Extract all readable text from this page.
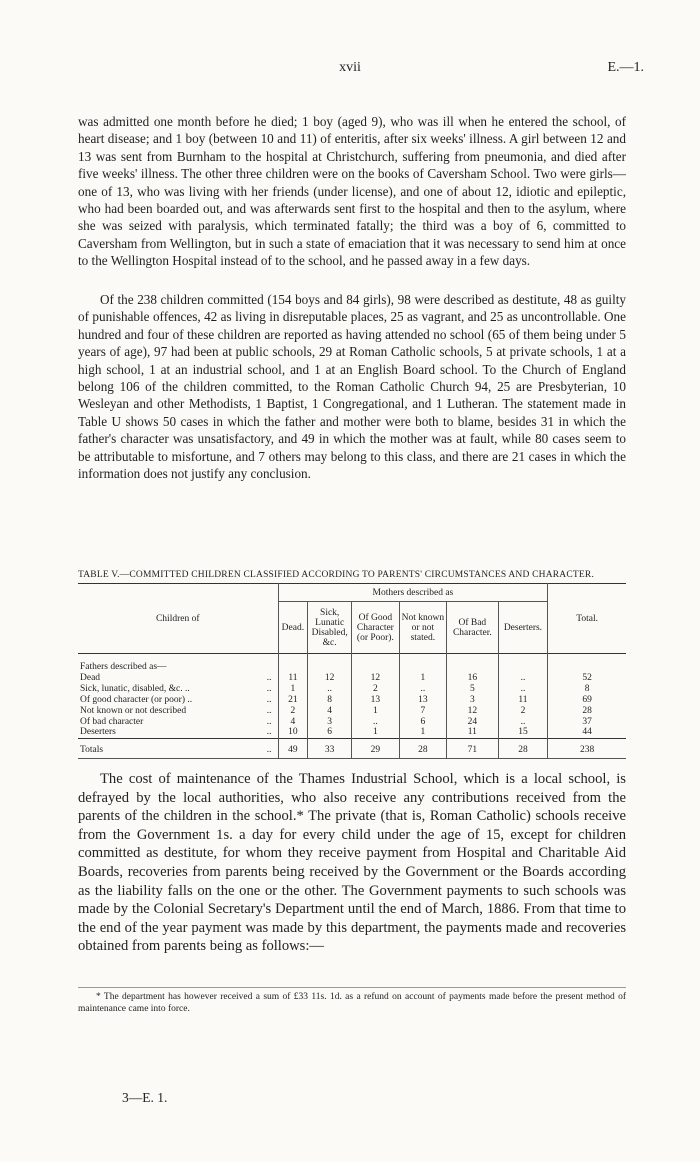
xvii	E.—1.

was admitted one month before he died; 1 boy (aged 9), who was ill when he entered the school, of heart disease; and 1 boy (between 10 and 11) of enteritis, after six weeks' illness. A girl between 12 and 13 was sent from Burnham to the hospital at Christchurch, suffering from pneumonia, and died after five weeks' illness. The other three children were on the books of Caversham School. Two were girls—one of 13, who was living with her friends (under license), and one of about 12, idiotic and epileptic, who had been boarded out, and was afterwards sent first to the hospital and then to the asylum, where she was seized with paralysis, which terminated fatally; the third was a boy of 6, committed to Caversham from Wellington, but in such a state of emaciation that it was necessary to send him at once to the Wellington Hospital instead of to the school, and he passed away in a few days.

Of the 238 children committed (154 boys and 84 girls), 98 were described as destitute, 48 as guilty of punishable offences, 42 as living in disreputable places, 25 as vagrant, and 25 as uncontrollable. One hundred and four of these children are reported as having attended no school (65 of them being under 5 years of age), 97 had been at public schools, 29 at Roman Catholic schools, 5 at private schools, 1 at a high school, 1 at an industrial school, and 1 at an English Board school. To the Church of England belong 106 of the children committed, to the Roman Catholic Church 94, 25 are Presbyterian, 10 Wesleyan and other Methodists, 1 Baptist, 1 Congregational, and 1 Lutheran. The statement made in Table U shows 50 cases in which the father and mother were both to blame, besides 31 in which the father's character was unsatisfactory, and 49 in which the mother was at fault, while 80 cases seem to be attributable to misfortune, and 7 others may belong to this class, and there are 21 cases in which the information does not justify any conclusion.

TABLE V.—COMMITTED CHILDREN CLASSIFIED ACCORDING TO PARENTS' CIRCUMSTANCES AND CHARACTER.
Children of		Mothers described as						Total.
		Dead.	Sick, Lunatic Disabled, &c.	Of Good Character (or Poor).	Not known or not stated.	Of Bad Character.	Deserters.	
Fathers described as—								
Dead	..	11	12	12	1	16	..	52
Sick, lunatic, disabled, &c. ..	..	1	..	2	..	5	..	8
Of good character (or poor) ..	..	21	8	13	13	3	11	69
Not known or not described	..	2	4	1	7	12	2	28
Of bad character	..	4	3	..	6	24	..	37
Deserters	..	10	6	1	1	11	15	44

Totals	..	49	33	29	28	71	28	238

The cost of maintenance of the Thames Industrial School, which is a local school, is defrayed by the local authorities, who also receive any contributions received from the parents of the children in the school.* The private (that is, Roman Catholic) schools receive from the Government 1s. a day for every child under the age of 15, except for children committed as destitute, for whom they receive payment from Hospital and Charitable Aid Boards, recoveries from parents being received by the Government or the Boards according as the liability falls on the one or the other. The Government payments to such schools was made by the Colonial Secretary's Department until the end of March, 1886. From that time to the end of the year payment was made by this department, the payments made and recoveries obtained from parents being as follows:—

* The department has however received a sum of £33 11s. 1d. as a refund on account of payments made before the present method of maintenance came into force.

3—E. 1.
